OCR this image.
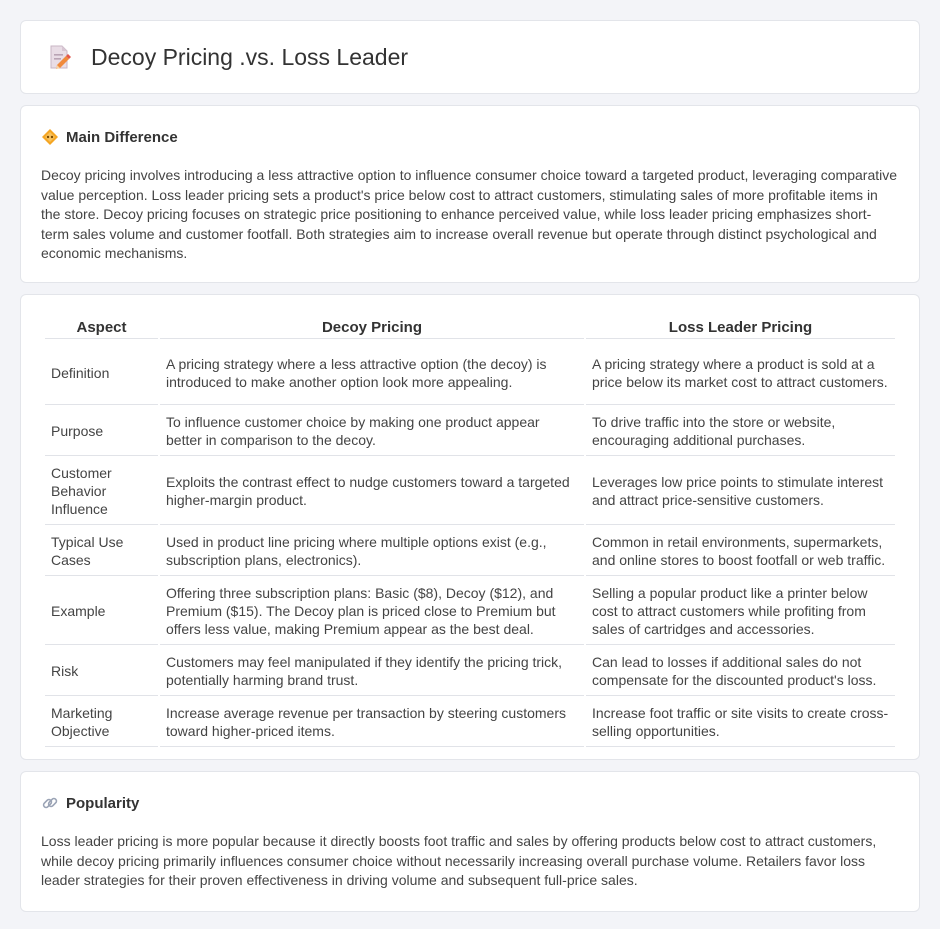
Decoy Pricing .vs. Loss Leader
Main Difference

Decoy pricing involves introducing a less attractive option to influence consumer choice toward a targeted product, leveraging comparative value perception. Loss leader pricing sets a product's price below cost to attract customers, stimulating sales of more profitable items in the store. Decoy pricing focuses on strategic price positioning to enhance perceived value, while loss leader pricing emphasizes short-term sales volume and customer footfall. Both strategies aim to increase overall revenue but operate through distinct psychological and economic mechanisms.

Aspect	Decoy Pricing	Loss Leader Pricing
Definition	A pricing strategy where a less attractive option (the decoy) is introduced to make another option look more appealing.	A pricing strategy where a product is sold at a price below its market cost to attract customers.
Purpose	To influence customer choice by making one product appear better in comparison to the decoy.	To drive traffic into the store or website, encouraging additional purchases.
Customer Behavior Influence	Exploits the contrast effect to nudge customers toward a targeted higher-margin product.	Leverages low price points to stimulate interest and attract price-sensitive customers.
Typical Use Cases	Used in product line pricing where multiple options exist (e.g., subscription plans, electronics).	Common in retail environments, supermarkets, and online stores to boost footfall or web traffic.
Example	Offering three subscription plans: Basic ($8), Decoy ($12), and Premium ($15). The Decoy plan is priced close to Premium but offers less value, making Premium appear as the best deal.	Selling a popular product like a printer below cost to attract customers while profiting from sales of cartridges and accessories.
Risk	Customers may feel manipulated if they identify the pricing trick, potentially harming brand trust.	Can lead to losses if additional sales do not compensate for the discounted product's loss.
Marketing Objective	Increase average revenue per transaction by steering customers toward higher-priced items.	Increase foot traffic or site visits to create cross-selling opportunities.
Popularity

Loss leader pricing is more popular because it directly boosts foot traffic and sales by offering products below cost to attract customers, while decoy pricing primarily influences consumer choice without necessarily increasing overall purchase volume. Retailers favor loss leader strategies for their proven effectiveness in driving volume and subsequent full-price sales.
